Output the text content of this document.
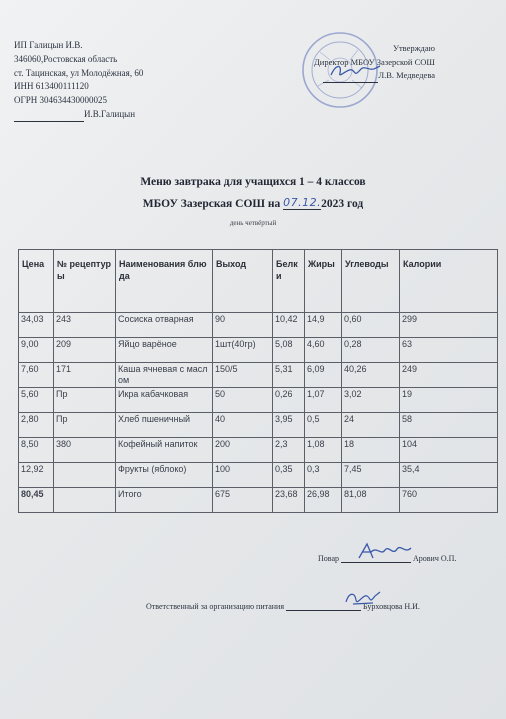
ИП Галицын И.В.
346060,Ростовская область
ст. Тацинская, ул Молодёжная, 60
ИНН 613400111120
ОГРН 304634430000025
И.В.Галицын
Утверждаю
Директор МБОУ Зазерской СОШ
Л.В. Медведева
Меню завтрака для учащихся 1 – 4 классов
МБОУ Зазерская СОШ на 07.12.2023 год
день четвёртый
Цена	№ рецептуры	Наименования блюда	Выход	Белки	Жиры	Углеводы	Калории
34,03	243	Сосиска отварная	90	10,42	14,9	0,60	299
9,00	209	Яйцо варёное	1шт(40гр)	5,08	4,60	0,28	63
7,60	171	Каша ячневая с маслом	150/5	5,31	6,09	40,26	249
5,60	Пр	Икра кабачковая	50	0,26	1,07	3,02	19
2,80	Пр	Хлеб пшеничный	40	3,95	0,5	24	58
8,50	380	Кофейный напиток	200	2,3	1,08	18	104
12,92		Фрукты (яблоко)	100	0,35	0,3	7,45	35,4
80,45		Итого	675	23,68	26,98	81,08	760
Повар	Арович О.П.
Ответственный за организацию питания	Бурховцова Н.И.
